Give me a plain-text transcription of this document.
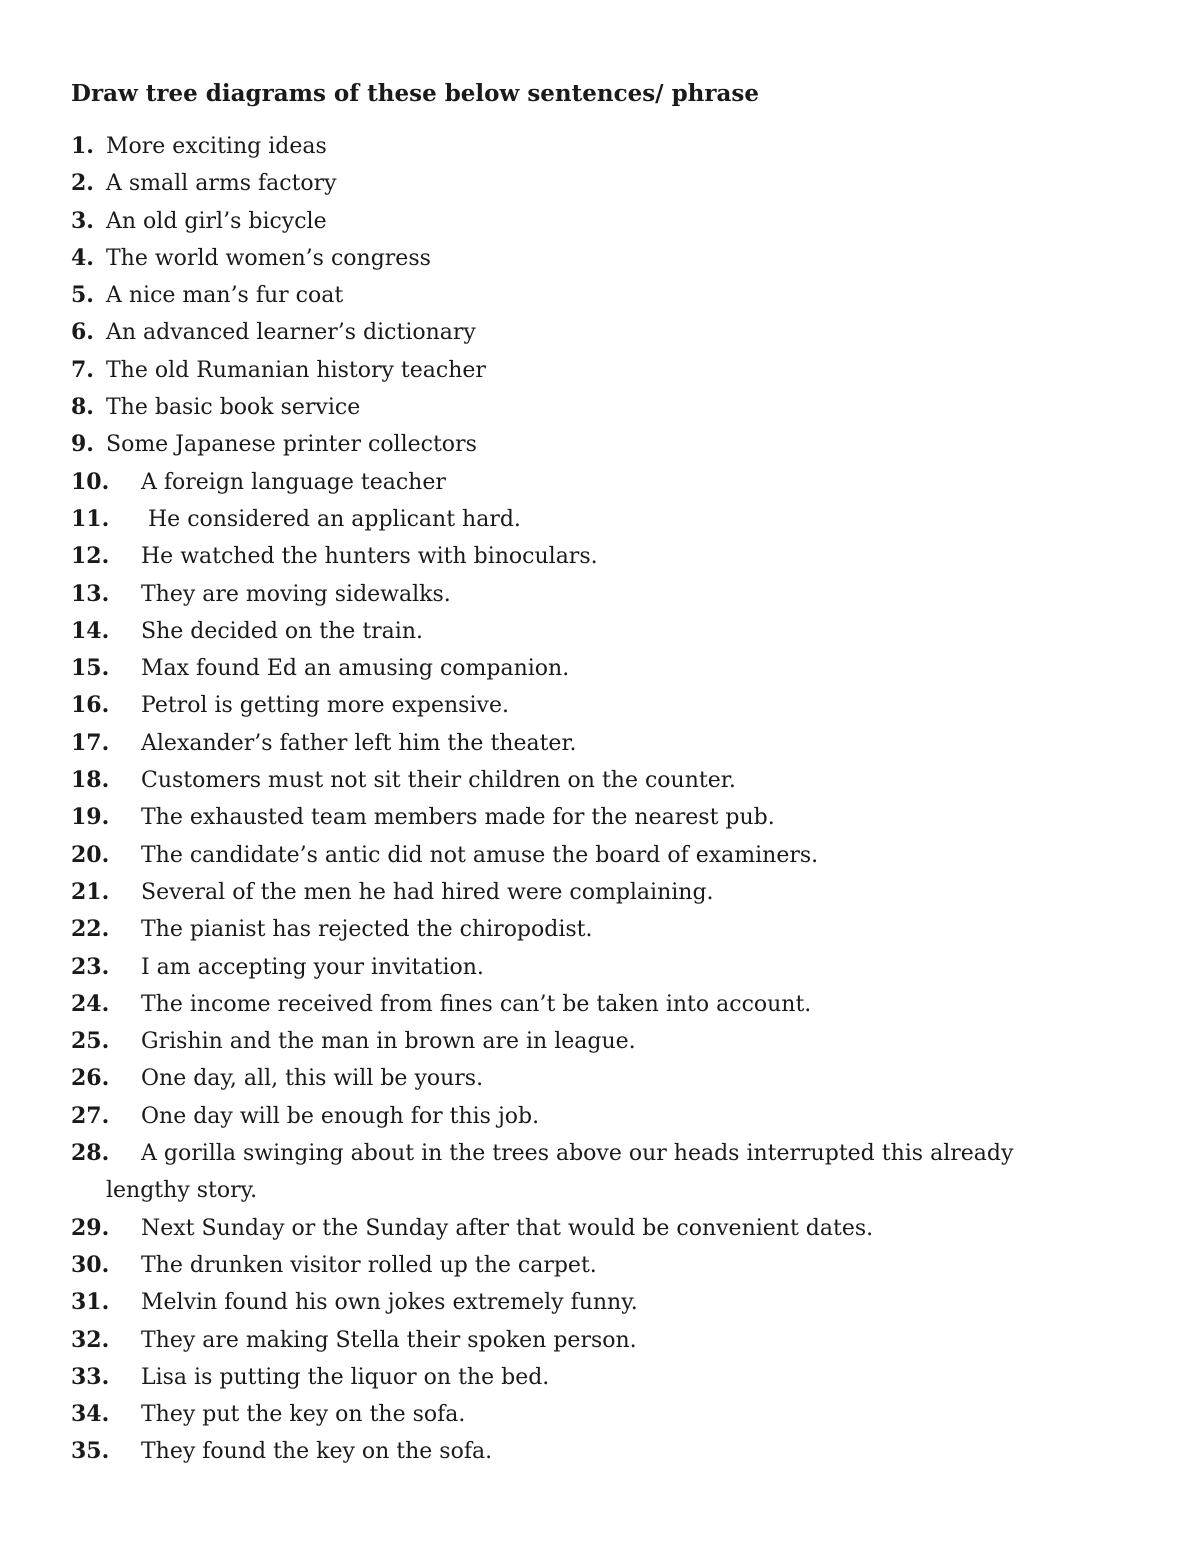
Draw tree diagrams of these below sentences/ phrase
1. More exciting ideas
2. A small arms factory
3. An old girl’s bicycle
4. The world women’s congress
5. A nice man’s fur coat
6. An advanced learner’s dictionary
7. The old Rumanian history teacher
8. The basic book service
9. Some Japanese printer collectors
10. A foreign language teacher
11. He considered an applicant hard.
12. He watched the hunters with binoculars.
13. They are moving sidewalks.
14. She decided on the train.
15. Max found Ed an amusing companion.
16. Petrol is getting more expensive.
17. Alexander’s father left him the theater.
18. Customers must not sit their children on the counter.
19. The exhausted team members made for the nearest pub.
20. The candidate’s antic did not amuse the board of examiners.
21. Several of the men he had hired were complaining.
22. The pianist has rejected the chiropodist.
23. I am accepting your invitation.
24. The income received from fines can’t be taken into account.
25. Grishin and the man in brown are in league.
26. One day, all, this will be yours.
27. One day will be enough for this job.
28. A gorilla swinging about in the trees above our heads interrupted this already
lengthy story.
29. Next Sunday or the Sunday after that would be convenient dates.
30. The drunken visitor rolled up the carpet.
31. Melvin found his own jokes extremely funny.
32. They are making Stella their spoken person.
33. Lisa is putting the liquor on the bed.
34. They put the key on the sofa.
35. They found the key on the sofa.
